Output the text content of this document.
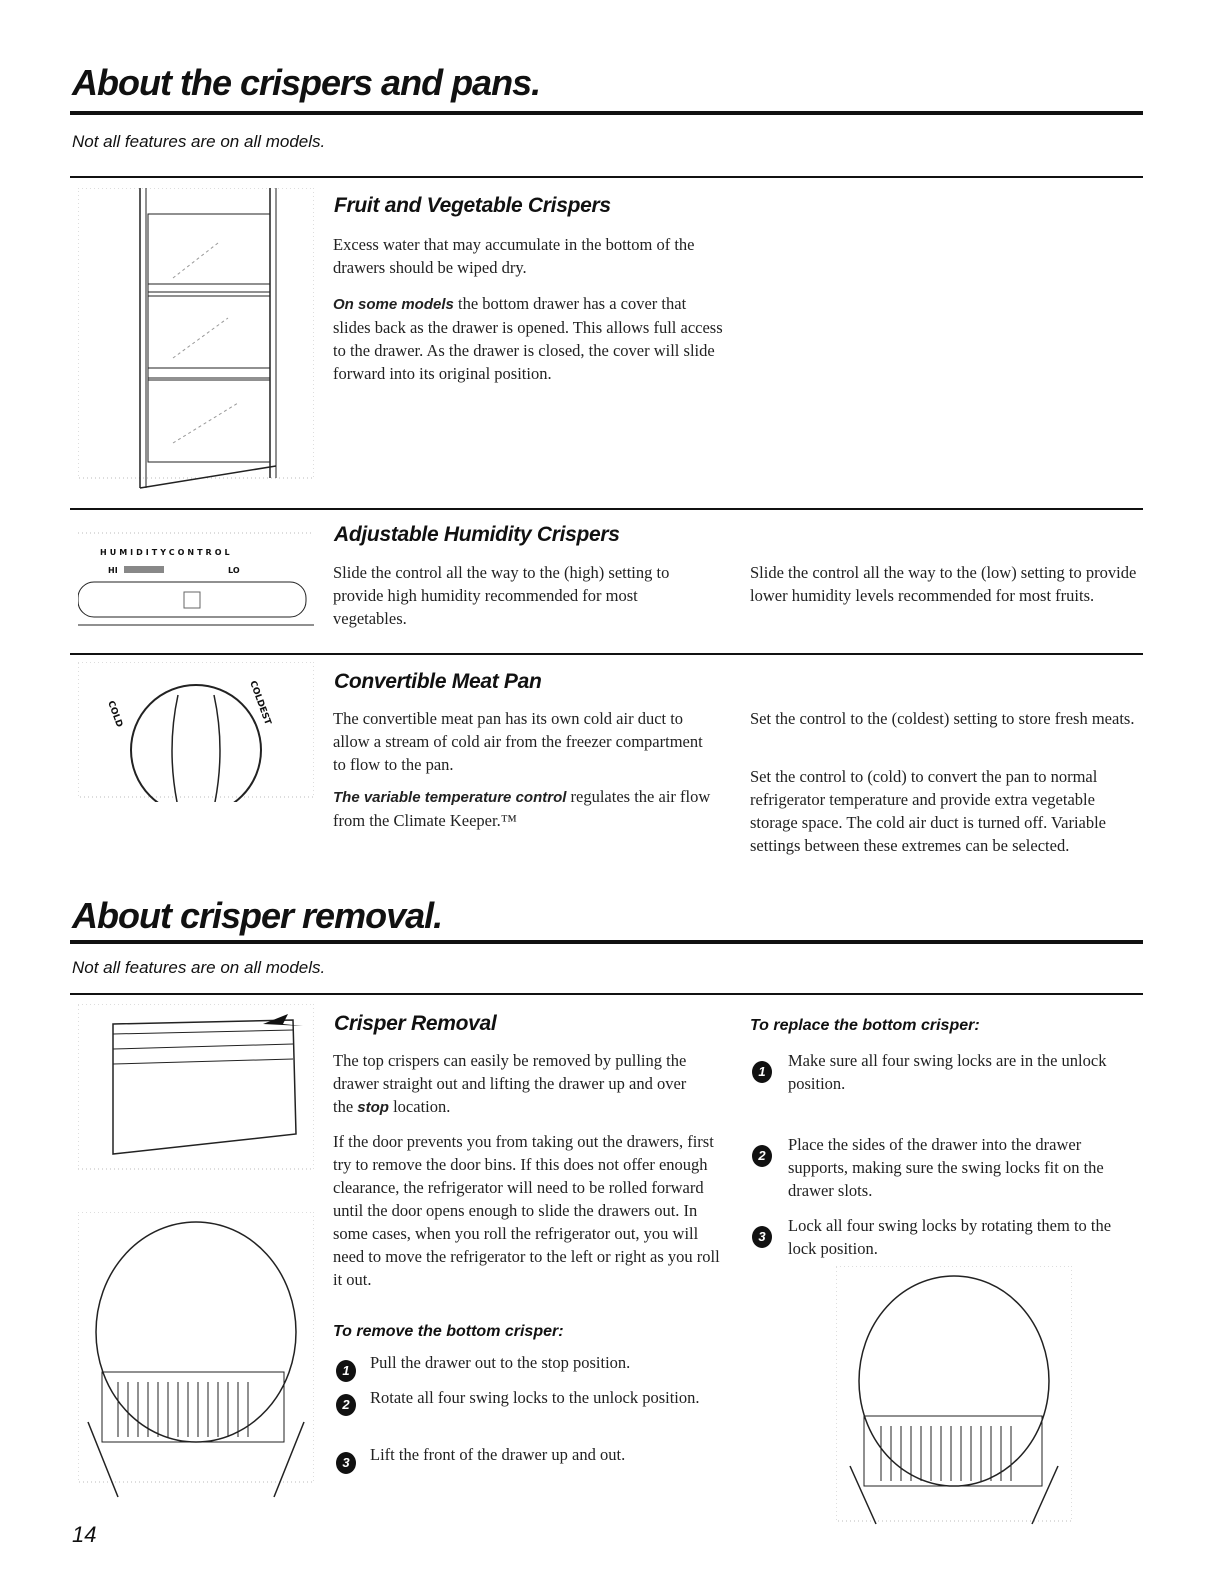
About the crispers and pans.
Not all features are on all models.
Fruit and Vegetable Crispers

Excess water that may accumulate in the bottom of the drawers should be wiped dry.

On some models the bottom drawer has a cover that slides back as the drawer is opened. This allows full access to the drawer. As the drawer is closed, the cover will slide forward into its original position.

HUMIDITYCONTROL
HI	LO
Adjustable Humidity Crispers

Slide the control all the way to the (high) setting to provide high humidity recommended for most vegetables.

Slide the control all the way to the (low) setting to provide lower humidity levels recommended for most fruits.

COLD	COLDEST	Convertible Meat Pan

The convertible meat pan has its own cold air duct to allow a stream of cold air from the freezer compartment to flow to the pan.

The variable temperature control regulates the air flow from the Climate Keeper.™

Set the control to the (coldest) setting to store fresh meats.

Set the control to (cold) to convert the pan to normal refrigerator temperature and provide extra vegetable storage space. The cold air duct is turned off. Variable settings between these extremes can be selected.

About crisper removal.
Not all features are on all models.
Crisper Removal

The top crispers can easily be removed by pulling the drawer straight out and lifting the drawer up and over the stop location.

If the door prevents you from taking out the drawers, first try to remove the door bins. If this does not offer enough clearance, the refrigerator will need to be rolled forward until the door opens enough to slide the drawers out. In some cases, when you roll the refrigerator out, you will need to move the refrigerator to the left or right as you roll it out.

To remove the bottom crisper:
1	Pull the drawer out to the stop position.
2	Rotate all four swing locks to the unlock position.
3	Lift the front of the drawer up and out.
To replace the bottom crisper:
1
Make sure all four swing locks are in the unlock position.
2
Place the sides of the drawer into the drawer supports, making sure the swing locks fit on the drawer slots.
3
Lock all four swing locks by rotating them to the lock position.
14
